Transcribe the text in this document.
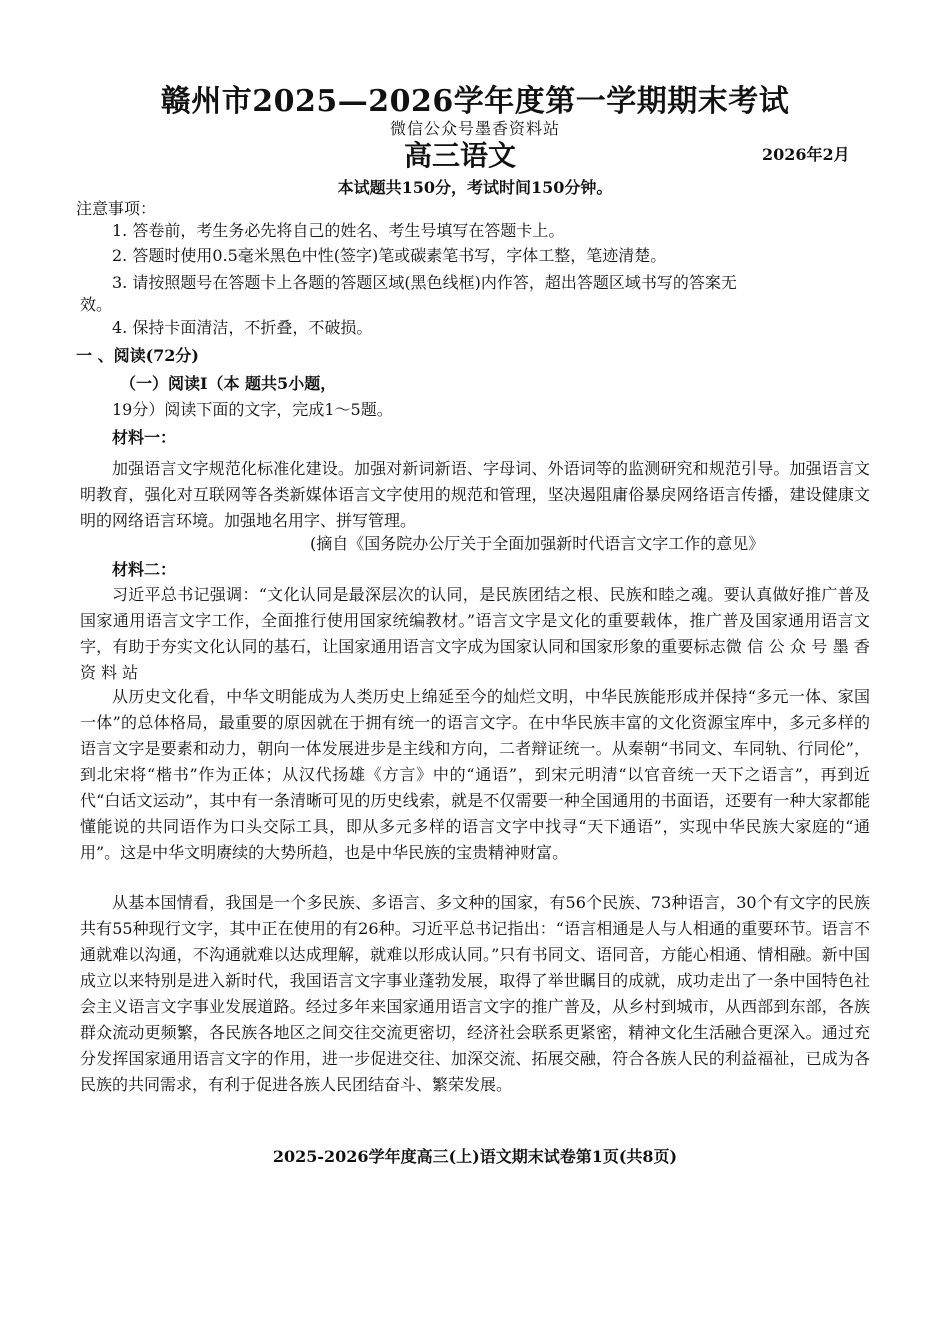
赣州市2025—2026学年度第一学期期末考试
微信公众号墨香资料站
高三语文	2026年2月
本试题共150分，考试时间150分钟。
注意事项：
1. 答卷前，考生务必先将自己的姓名、考生号填写在答题卡上。
2. 答题时使用0.5毫米黑色中性(签字)笔或碳素笔书写，字体工整，笔迹清楚。
3. 请按照题号在答题卡上各题的答题区域(黑色线框)内作答，超出答题区域书写的答案无
效。
4. 保持卡面清洁，不折叠，不破损。
一 、阅读(72分)
（一）阅读Ⅰ（本 题共5小题，
19分）阅读下面的文字，完成1～5题。
材料一：
加强语言文字规范化标准化建设。加强对新词新语、字母词、外语词等的监测研究和规范引导。加强语言文明教育，强化对互联网等各类新媒体语言文字使用的规范和管理，坚决遏阻庸俗暴戾网络语言传播，建设健康文明的网络语言环境。加强地名用字、拼写管理。
(摘自《国务院办公厅关于全面加强新时代语言文字工作的意见》
材料二：
习近平总书记强调：“文化认同是最深层次的认同，是民族团结之根、民族和睦之魂。要认真做好推广普及国家通用语言文字工作，全面推行使用国家统编教材。”语言文字是文化的重要载体，推广普及国家通用语言文字，有助于夯实文化认同的基石，让国家通用语言文字成为国家认同和国家形象的重要标志微 信 公 众 号 墨 香 资 料 站
从历史文化看，中华文明能成为人类历史上绵延至今的灿烂文明，中华民族能形成并保持“多元一体、家国一体”的总体格局，最重要的原因就在于拥有统一的语言文字。在中华民族丰富的文化资源宝库中，多元多样的语言文字是要素和动力，朝向一体发展进步是主线和方向，二者辩证统一。从秦朝“书同文、车同轨、行同伦”，到北宋将“楷书”作为正体；从汉代扬雄《方言》中的“通语”，到宋元明清“以官音统一天下之语言”，再到近代“白话文运动”，其中有一条清晰可见的历史线索，就是不仅需要一种全国通用的书面语，还要有一种大家都能懂能说的共同语作为口头交际工具，即从多元多样的语言文字中找寻“天下通语”，实现中华民族大家庭的“通用”。这是中华文明赓续的大势所趋，也是中华民族的宝贵精神财富。
从基本国情看，我国是一个多民族、多语言、多文种的国家，有56个民族、73种语言，30个有文字的民族共有55种现行文字，其中正在使用的有26种。习近平总书记指出：“语言相通是人与人相通的重要环节。语言不通就难以沟通，不沟通就难以达成理解，就难以形成认同。”只有书同文、语同音，方能心相通、情相融。新中国成立以来特别是进入新时代，我国语言文字事业蓬勃发展，取得了举世瞩目的成就，成功走出了一条中国特色社会主义语言文字事业发展道路。经过多年来国家通用语言文字的推广普及，从乡村到城市，从西部到东部，各族群众流动更频繁，各民族各地区之间交往交流更密切，经济社会联系更紧密，精神文化生活融合更深入。通过充分发挥国家通用语言文字的作用，进一步促进交往、加深交流、拓展交融，符合各族人民的利益福祉，已成为各民族的共同需求，有利于促进各族人民团结奋斗、繁荣发展。
2025-2026学年度高三(上)语文期末试卷第1页(共8页)
